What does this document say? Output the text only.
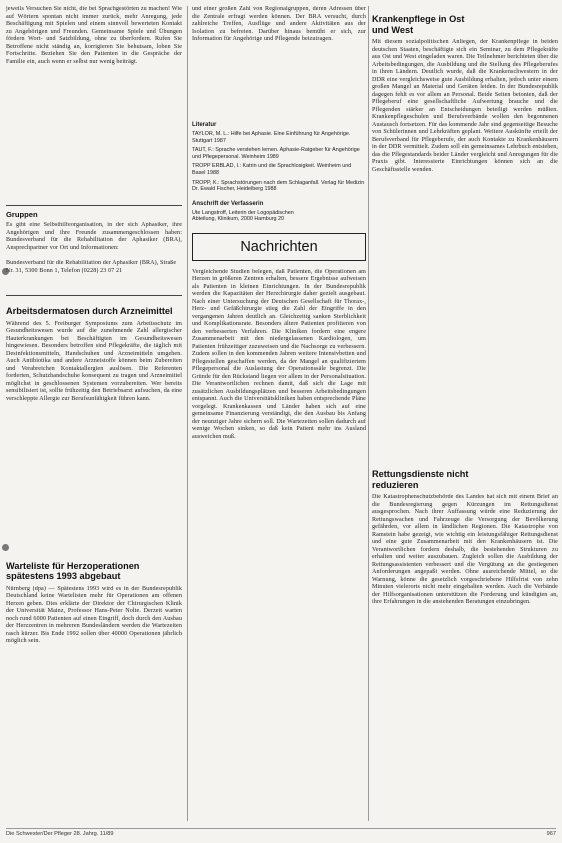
jeweils Versuchen Sie nicht, die bei Sprachgestörten zu machen! Wie auf Wörtern spontan nicht immer zurück, mehr Anregung, jede Beschäftigung mit Spielen und einem sinnvoll bewerteten Kontakt zu Angehörigen und Freunden. Gemeinsame Spiele und Übungen fördern Wort- und Satzbildung, ohne zu überfordern. Rufen Sie Betroffene nicht ständig an, korrigieren Sie behutsam, loben Sie Fortschritte. Beziehen Sie den Patienten in die Gespräche der Familie ein, auch wenn er selbst nur wenig beiträgt.

Gruppen

Es gibt eine Selbsthilfeorganisation, in der sich Aphasiker, ihre Angehörigen und ihre Freunde zusammengeschlossen haben: Bundesverband für die Rehabilitation der Aphasiker (BRA), Ansprechpartner vor Ort und Informationen:

Bundesverband für die Rehabilitation der Aphasiker (BRA), Straße Nr. 31, 5300 Bonn 1, Telefon (0228) 23 07 21

Arbeitsdermatosen durch Arzneimittel

Während des 5. Freiburger Symposiums zum Arbeitsschutz im Gesundheitswesen wurde auf die zunehmende Zahl allergischer Hauterkrankungen bei Beschäftigten im Gesundheitswesen hingewiesen. Besonders betroffen sind Pflegekräfte, die täglich mit Desinfektionsmitteln, Handschuhen und Arzneimitteln umgehen. Auch Antibiotika und andere Arzneistoffe können beim Zubereiten und Verabreichen Kontaktallergien auslösen. Die Referenten forderten, Schutzhandschuhe konsequent zu tragen und Arzneimittel möglichst in geschlossenen Systemen vorzubereiten. Wer bereits sensibilisiert ist, sollte frühzeitig den Betriebsarzt aufsuchen, da eine verschleppte Allergie zur Berufsunfähigkeit führen kann.

Warteliste für Herzoperationen spätestens 1993 abgebaut

Nürnberg (dpa) — Spätestens 1993 wird es in der Bundesrepublik Deutschland keine Wartelisten mehr für Operationen am offenen Herzen geben. Dies erklärte der Direktor der Chirurgischen Klinik der Universität Mainz, Professor Hans-Peter Nolte. Derzeit warten noch rund 6000 Patienten auf einen Eingriff, doch durch den Ausbau der Herzzentren in mehreren Bundesländern werden die Wartezeiten rasch kürzer. Bis Ende 1992 sollen über 40000 Operationen jährlich möglich sein.

und einer großen Zahl von Regionalgruppen, deren Adressen über die Zentrale erfragt werden können. Der BRA versucht, durch zahlreiche Treffen, Ausflüge und andere Aktivitäten aus der Isolation zu befreien. Darüber hinaus bemüht er sich, zur Information für Angehörige und Pflegende beizutragen.

Literatur

TAYLOR, M. L.: Hilfe bei Aphasie. Eine Einführung für Angehörige. Stuttgart 1987

TAUT, F.: Sprache verstehen lernen. Aphasie-Ratgeber für Angehörige und Pflegepersonal. Weinheim 1989

TROPP ERBLAD, I.: Katrin und die Sprachlosigkeit. Weinheim und Basel 1988

TROPP, K.: Sprachstörungen nach dem Schlaganfall. Verlag für Medizin Dr. Ewald Fischer, Heidelberg 1988

Anschrift der Verfasserin

Ute Langstroff, Leiterin der Logopädischen Abteilung, Klinikum, 2000 Hamburg 20

Nachrichten

Vergleichende Studien belegen, daß Patienten, die Operationen am Herzen in größeren Zentren erhalten, bessere Ergebnisse aufweisen als Patienten in kleinen Einrichtungen. In der Bundesrepublik werden die Kapazitäten der Herzchirurgie daher gezielt ausgebaut. Nach einer Untersuchung der Deutschen Gesellschaft für Thorax-, Herz- und Gefäßchirurgie stieg die Zahl der Eingriffe in den vergangenen Jahren deutlich an. Gleichzeitig sanken Sterblichkeit und Komplikationsrate. Besonders ältere Patienten profitieren von den verbesserten Verfahren. Die Kliniken fordern eine engere Zusammenarbeit mit den niedergelassenen Kardiologen, um Patienten frühzeitiger zuzuweisen und die Nachsorge zu verbessern. Zudem sollen in den kommenden Jahren weitere Intensivbetten und Pflegestellen geschaffen werden, da der Mangel an qualifiziertem Pflegepersonal die Auslastung der Operationssäle begrenzt. Die Gründe für den Rückstand liegen vor allem in der Personalsituation. Die Verantwortlichen rechnen damit, daß sich die Lage mit zusätzlichen Ausbildungsplätzen und besseren Arbeitsbedingungen entspannt. Auch die Universitätskliniken haben entsprechende Pläne vorgelegt. Krankenkassen und Länder haben sich auf eine gemeinsame Finanzierung verständigt, die den Ausbau bis Anfang der neunziger Jahre sichern soll. Die Wartezeiten sollen dadurch auf wenige Wochen sinken, so daß kein Patient mehr ins Ausland ausweichen muß.

Krankenpflege in Ost und West

Mit diesem sozialpolitischen Anliegen, der Krankenpflege in beiden deutschen Staaten, beschäftigte sich ein Seminar, zu dem Pflegekräfte aus Ost und West eingeladen waren. Die Teilnehmer berichteten über die Arbeitsbedingungen, die Ausbildung und die Stellung des Pflegeberufes in ihren Ländern. Deutlich wurde, daß die Krankenschwestern in der DDR eine vergleichsweise gute Ausbildung erhalten, jedoch unter einem großen Mangel an Material und Geräten leiden. In der Bundesrepublik dagegen fehlt es vor allem an Personal. Beide Seiten betonten, daß der Pflegeberuf eine gesellschaftliche Aufwertung brauche und die Pflegenden stärker an Entscheidungen beteiligt werden müßten. Krankenpflegeschulen und Berufsverbände wollen den begonnenen Austausch fortsetzen. Für das kommende Jahr sind gegenseitige Besuche von Schülerinnen und Lehrkräften geplant. Weitere Auskünfte erteilt der Berufsverband für Pflegeberufe, der auch Kontakte zu Krankenhäusern in der DDR vermittelt. Zudem soll ein gemeinsames Lehrbuch entstehen, das die Pflegestandards beider Länder vergleicht und Anregungen für die Praxis gibt. Interessierte Einrichtungen können sich an die Geschäftsstelle wenden.

Rettungsdienste nicht reduzieren

Die Katastrophenschutzbehörde des Landes hat sich mit einem Brief an die Bundesregierung gegen Kürzungen im Rettungsdienst ausgesprochen. Nach ihrer Auffassung würde eine Reduzierung der Rettungswachen und Fahrzeuge die Versorgung der Bevölkerung gefährden, vor allem in ländlichen Regionen. Die Katastrophe von Ramstein habe gezeigt, wie wichtig ein leistungsfähiger Rettungsdienst und eine gute Zusammenarbeit mit den Krankenhäusern ist. Die Verantwortlichen fordern deshalb, die bestehenden Strukturen zu erhalten und weiter auszubauen. Zugleich sollen die Ausbildung der Rettungsassistenten verbessert und die Vergütung an die gestiegenen Anforderungen angepaßt werden. Ohne ausreichende Mittel, so die Warnung, könne die gesetzlich vorgeschriebene Hilfsfrist von zehn Minuten vielerorts nicht mehr eingehalten werden. Auch die Verbände der Hilfsorganisationen unterstützen die Forderung und kündigten an, ihre Erfahrungen in die anstehenden Beratungen einzubringen.

Die Schwester/Der Pfleger 28. Jahrg. 11/89	967
